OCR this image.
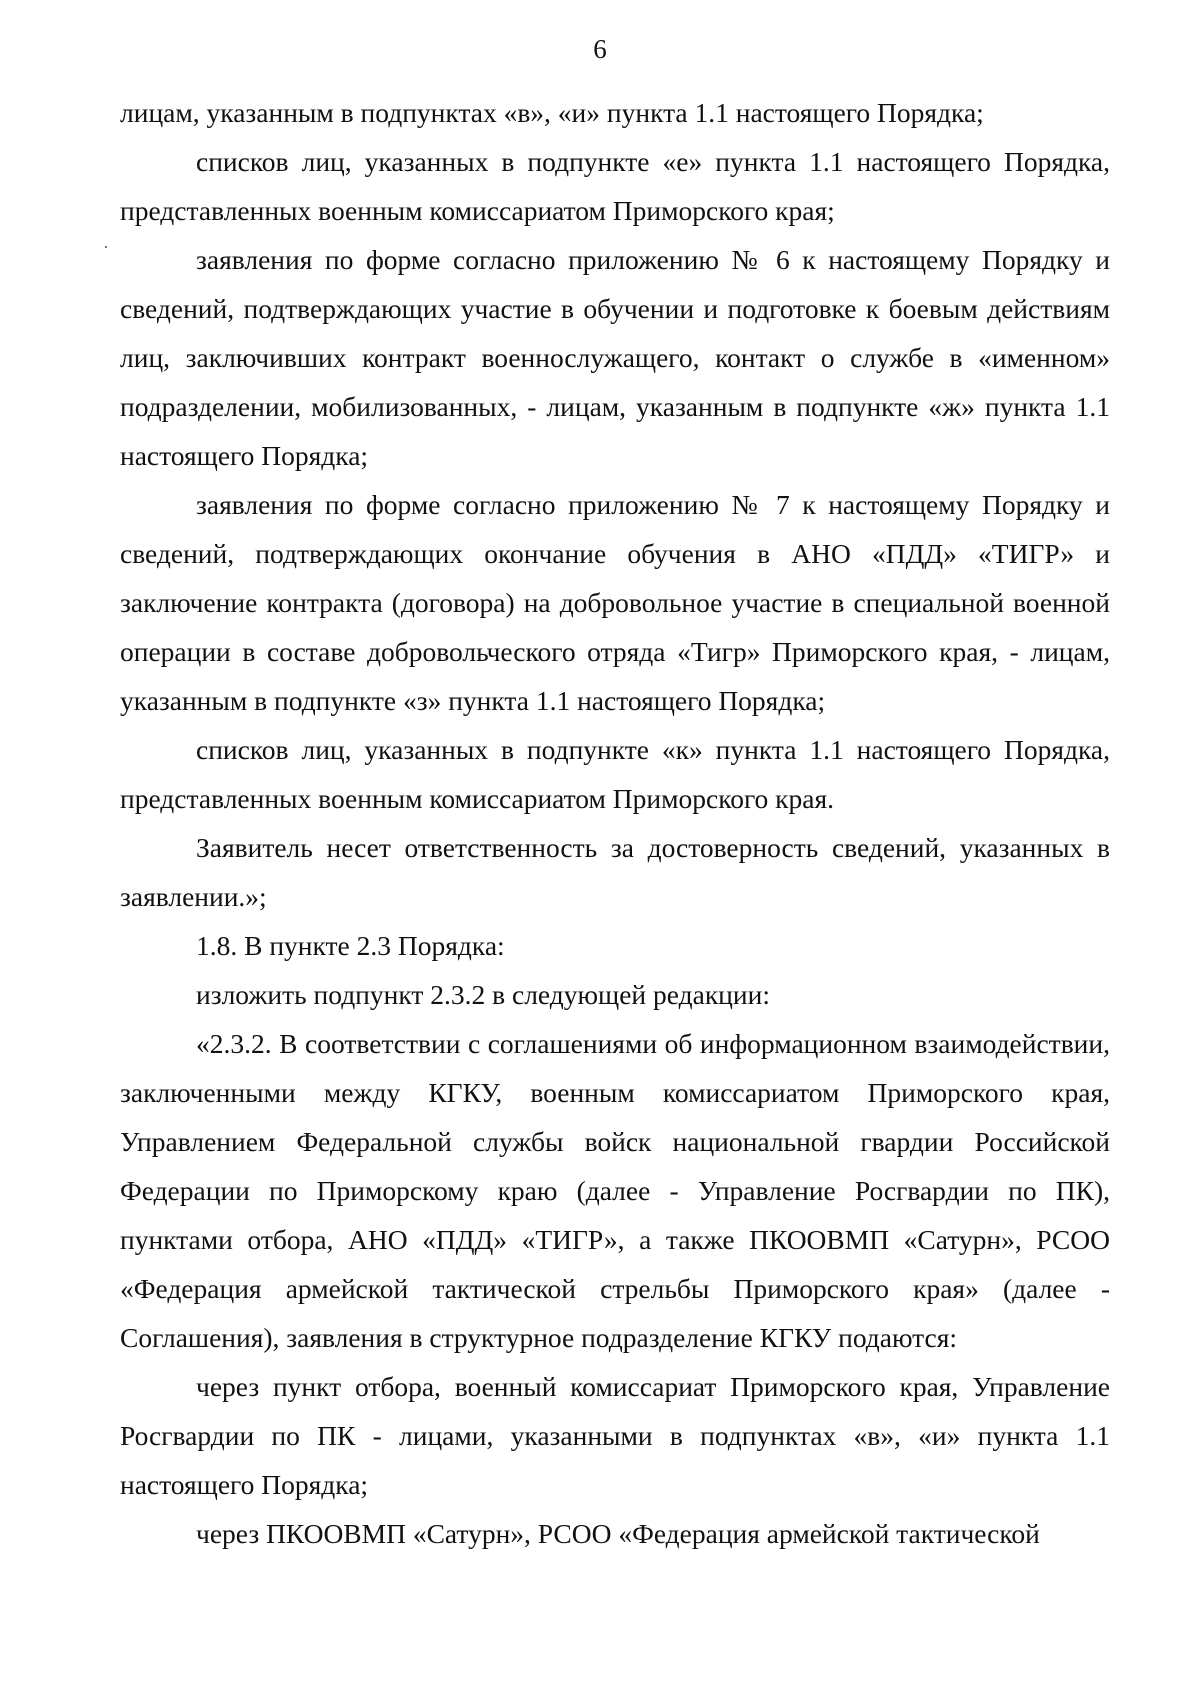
6

лицам, указанным в подпунктах «в», «и» пункта 1.1 настоящего Порядка;

списков лиц, указанных в подпункте «е» пункта 1.1 настоящего Порядка, представленных военным комиссариатом Приморского края;

заявления по форме согласно приложению № 6 к настоящему Порядку и сведений, подтверждающих участие в обучении и подготовке к боевым действиям лиц, заключивших контракт военнослужащего, контакт о службе в «именном» подразделении, мобилизованных, - лицам, указанным в подпункте «ж» пункта 1.1 настоящего Порядка;

заявления по форме согласно приложению № 7 к настоящему Порядку и сведений, подтверждающих окончание обучения в АНО «ПДД» «ТИГР» и заключение контракта (договора) на добровольное участие в специальной военной операции в составе добровольческого отряда «Тигр» Приморского края, - лицам, указанным в подпункте «з» пункта 1.1 настоящего Порядка;

списков лиц, указанных в подпункте «к» пункта 1.1 настоящего Порядка, представленных военным комиссариатом Приморского края.

Заявитель несет ответственность за достоверность сведений, указанных в заявлении.»;

1.8. В пункте 2.3 Порядка:

изложить подпункт 2.3.2 в следующей редакции:

«2.3.2. В соответствии с соглашениями об информационном взаимодействии, заключенными между КГКУ, военным комиссариатом Приморского края, Управлением Федеральной службы войск национальной гвардии Российской Федерации по Приморскому краю (далее - Управление Росгвардии по ПК), пунктами отбора, АНО «ПДД» «ТИГР», а также ПКООВМП «Сатурн», РСОО «Федерация армейской тактической стрельбы Приморского края» (далее - Соглашения), заявления в структурное подразделение КГКУ подаются:

через пункт отбора, военный комиссариат Приморского края, Управление Росгвардии по ПК - лицами, указанными в подпунктах «в», «и» пункта 1.1 настоящего Порядка;

через ПКООВМП «Сатурн», РСОО «Федерация армейской тактической
